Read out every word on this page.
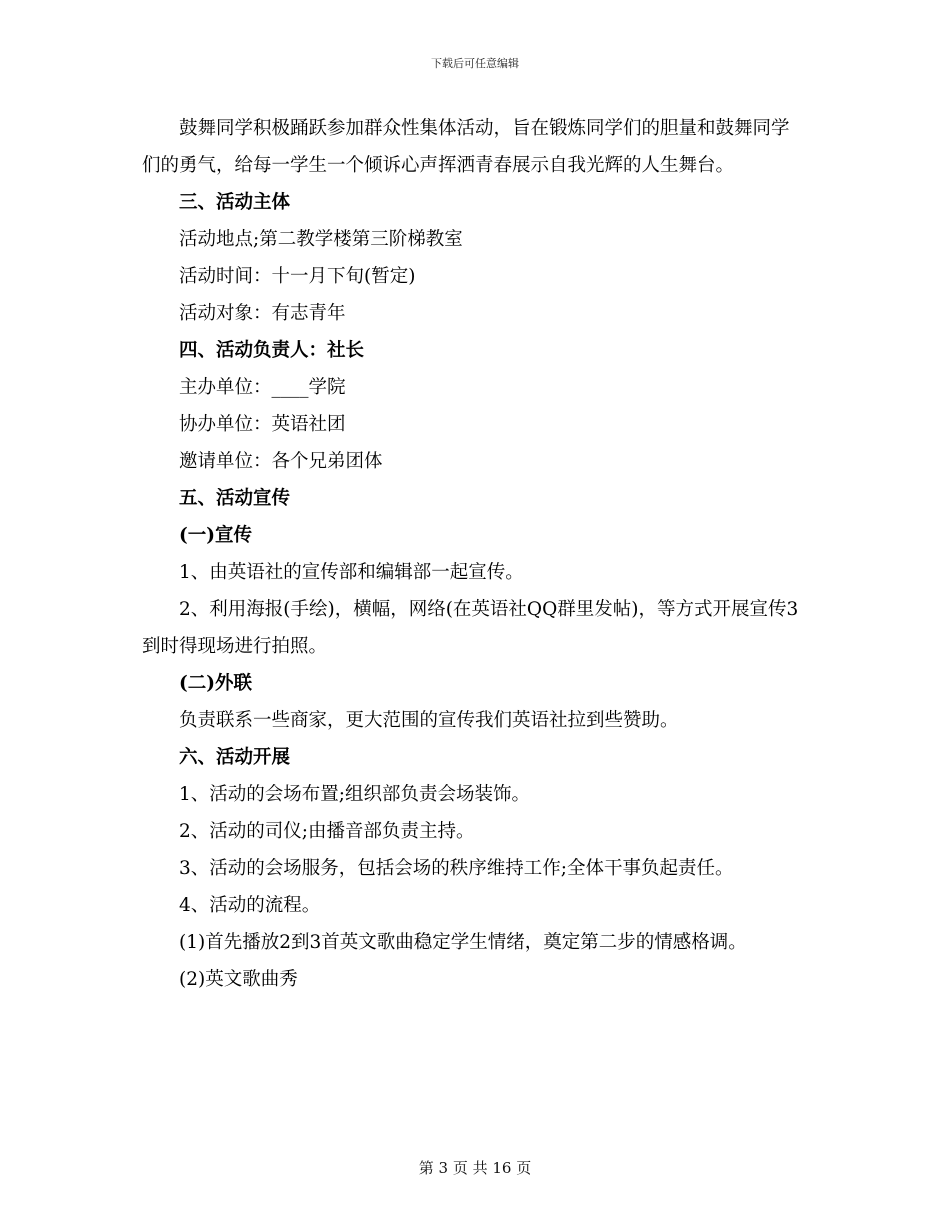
下载后可任意编辑

鼓舞同学积极踊跃参加群众性集体活动，旨在锻炼同学们的胆量和鼓舞同学们的勇气，给每一学生一个倾诉心声挥洒青春展示自我光辉的人生舞台。

三、活动主体

活动地点;第二教学楼第三阶梯教室

活动时间：十一月下旬(暂定)

活动对象：有志青年

四、活动负责人：社长

主办单位：____学院

协办单位：英语社团

邀请单位：各个兄弟团体

五、活动宣传

(一)宣传

1、由英语社的宣传部和编辑部一起宣传。

2、利用海报(手绘)，横幅，网络(在英语社QQ群里发帖)，等方式开展宣传3到时得现场进行拍照。

(二)外联

负责联系一些商家，更大范围的宣传我们英语社拉到些赞助。

六、活动开展

1、活动的会场布置;组织部负责会场装饰。

2、活动的司仪;由播音部负责主持。

3、活动的会场服务，包括会场的秩序维持工作;全体干事负起责任。

4、活动的流程。

(1)首先播放2到3首英文歌曲稳定学生情绪，奠定第二步的情感格调。

(2)英文歌曲秀

第 3 页 共 16 页
